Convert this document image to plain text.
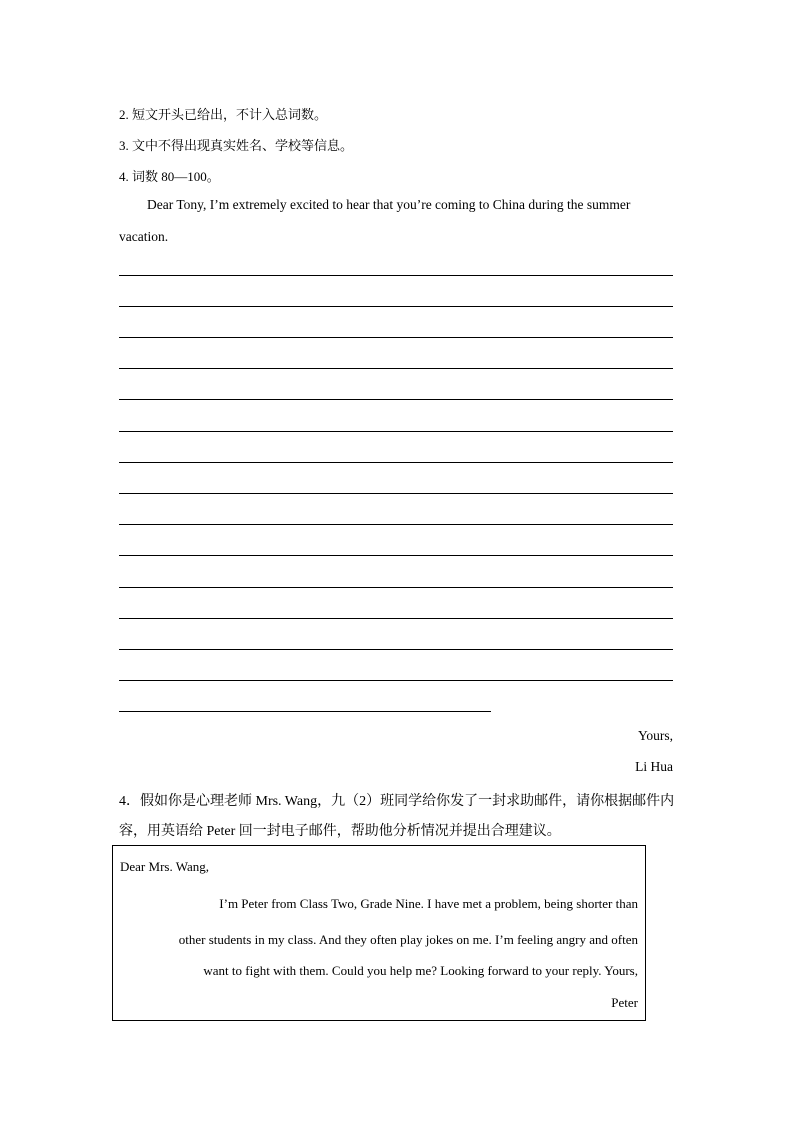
2. 短文开头已给出，不计入总词数。
3. 文中不得出现真实姓名、学校等信息。
4. 词数 80—100。
Dear Tony, I’m extremely excited to hear that you’re coming to China during the summer
vacation.
Yours,
Li Hua
4．假如你是心理老师 Mrs. Wang，九（2）班同学给你发了一封求助邮件，请你根据邮件内
容，用英语给 Peter 回一封电子邮件，帮助他分析情况并提出合理建议。
Dear Mrs. Wang,
I’m Peter from Class Two, Grade Nine. I have met a problem, being shorter than
other students in my class. And they often play jokes on me. I’m feeling angry and often
want to fight with them. Could you help me? Looking forward to your reply. Yours,
Peter
